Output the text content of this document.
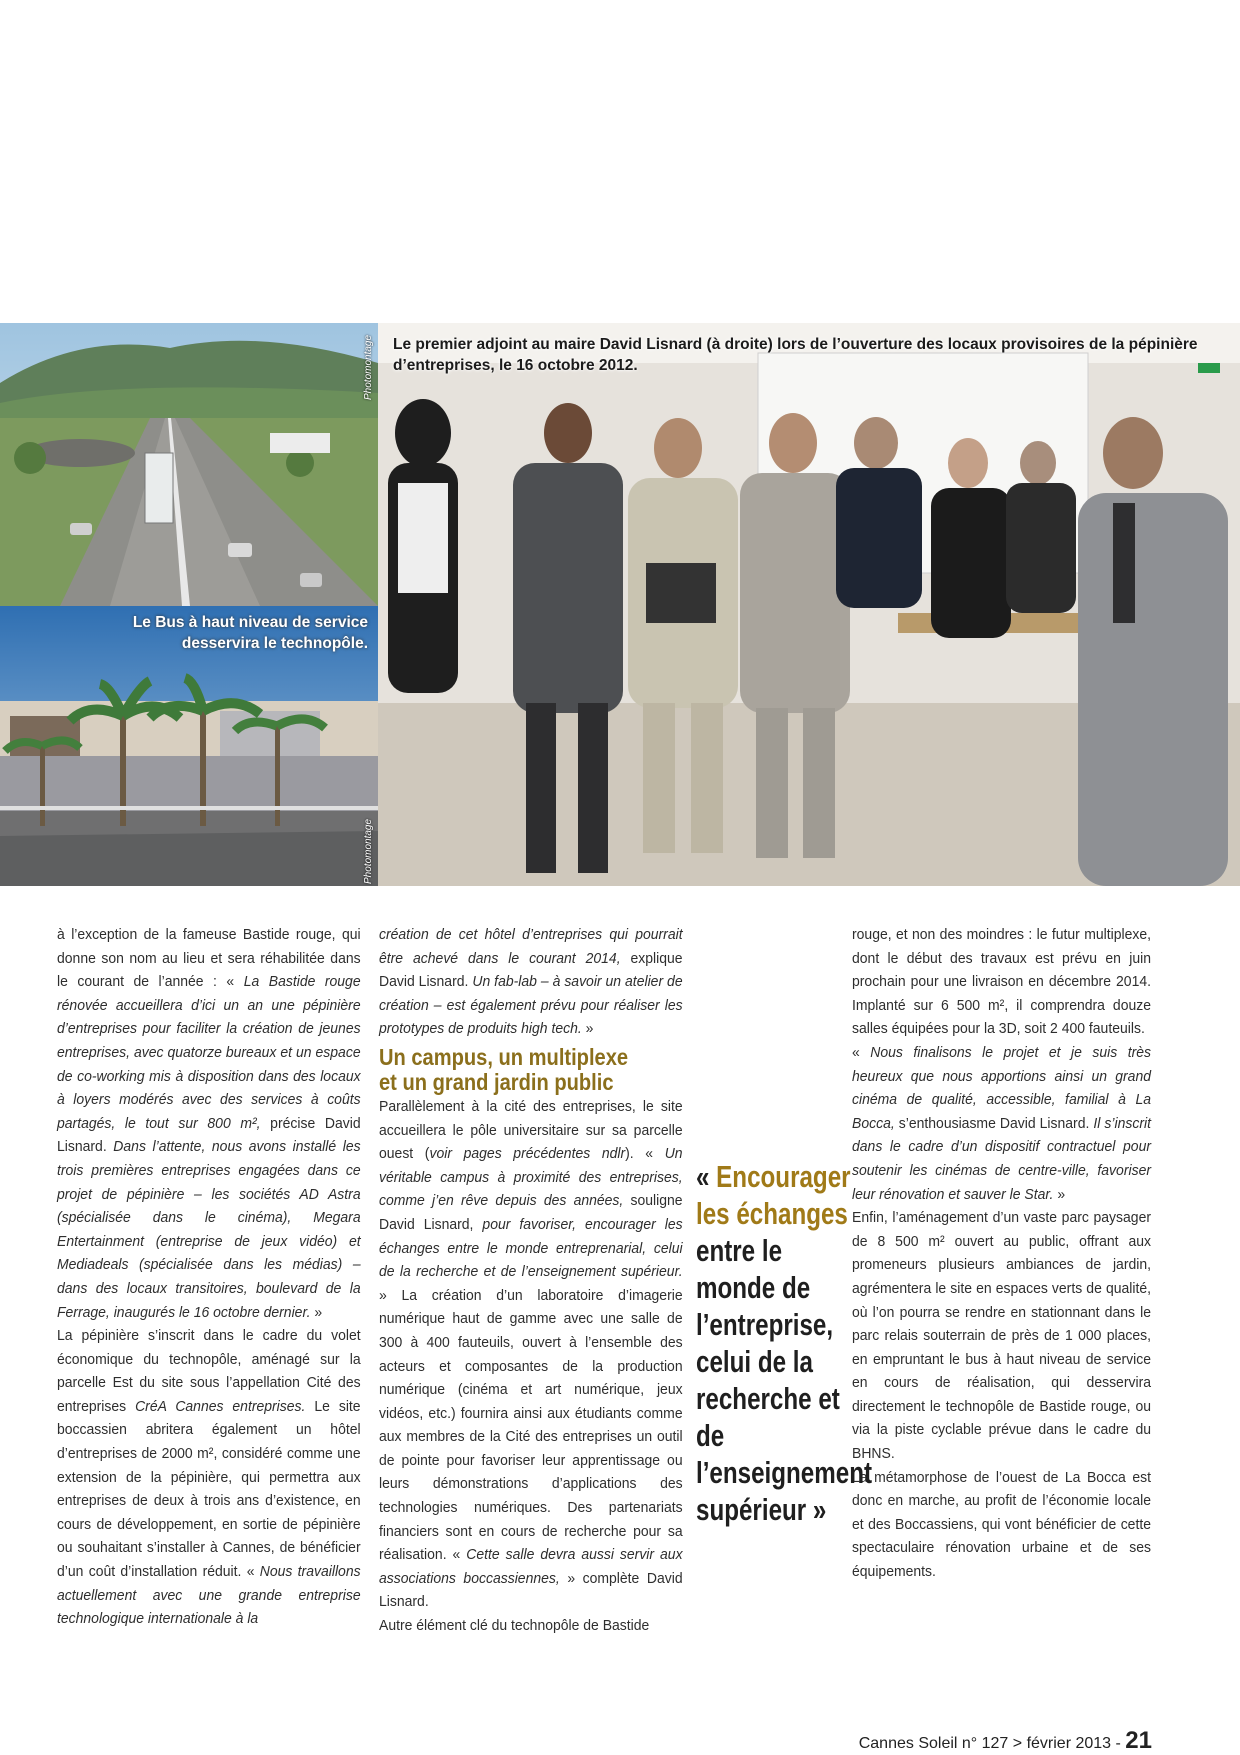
Photomontage
Le Bus à haut niveau de service
desservira le technopôle.
Photomontage
Le premier adjoint au maire David Lisnard (à droite) lors de l’ouverture des locaux provisoires de la pépinière
d’entreprises, le 16 octobre 2012.

à l’exception de la fameuse Bastide rouge, qui donne son nom au lieu et sera réhabilitée dans le courant de l’année : « La Bastide rouge rénovée accueillera d’ici un an une pépinière d’entreprises pour faciliter la création de jeunes entreprises, avec quatorze bureaux et un espace de co-working mis à disposition dans des locaux à loyers modérés avec des services à coûts partagés, le tout sur 800 m², précise David Lisnard. Dans l’attente, nous avons installé les trois premières entreprises engagées dans ce projet de pépinière – les sociétés AD Astra (spécialisée dans le cinéma), Megara Entertainment (entreprise de jeux vidéo) et Mediadeals (spécialisée dans les médias) – dans des locaux transitoires, boulevard de la Ferrage, inaugurés le 16 octobre dernier. »

La pépinière s’inscrit dans le cadre du volet économique du technopôle, aménagé sur la parcelle Est du site sous l’appellation Cité des entreprises CréA Cannes entreprises. Le site boccassien abritera également un hôtel d’entreprises de 2000 m², considéré comme une extension de la pépinière, qui permettra aux entreprises de deux à trois ans d’existence, en cours de développement, en sortie de pépinière ou souhaitant s’installer à Cannes, de bénéficier d’un coût d’installation réduit. « Nous travaillons actuellement avec une grande entreprise technologique internationale à la

création de cet hôtel d’entreprises qui pourrait être achevé dans le courant 2014, explique David Lisnard. Un fab-lab – à savoir un atelier de création – est également prévu pour réaliser les prototypes de produits high tech. »

Un campus, un multiplexe
et un grand jardin public

Parallèlement à la cité des entreprises, le site accueillera le pôle universitaire sur sa parcelle ouest (voir pages précédentes ndlr). « Un véritable campus à proximité des entreprises, comme j’en rêve depuis des années, souligne David Lisnard, pour favoriser, encourager les échanges entre le monde entreprenarial, celui de la recherche et de l’enseignement supérieur. » La création d’un laboratoire d’imagerie numérique haut de gamme avec une salle de 300 à 400 fauteuils, ouvert à l’ensemble des acteurs et composantes de la production numérique (cinéma et art numérique, jeux vidéos, etc.) fournira ainsi aux étudiants comme aux membres de la Cité des entreprises un outil de pointe pour favoriser leur apprentissage ou leurs démonstrations d’applications des technologies numériques. Des partenariats financiers sont en cours de recherche pour sa réalisation. « Cette salle devra aussi servir aux associations boccassiennes, » complète David Lisnard.

Autre élément clé du technopôle de Bastide

rouge, et non des moindres : le futur multiplexe, dont le début des travaux est prévu en juin prochain pour une livraison en décembre 2014. Implanté sur 6 500 m², il comprendra douze salles équipées pour la 3D, soit 2 400 fauteuils.

« Nous finalisons le projet et je suis très heureux que nous apportions ainsi un grand cinéma de qualité, accessible, familial à La Bocca, s’enthousiasme David Lisnard. Il s’inscrit dans le cadre d’un dispositif contractuel pour soutenir les cinémas de centre-ville, favoriser leur rénovation et sauver le Star. »

Enfin, l’aménagement d’un vaste parc paysager de 8 500 m² ouvert au public, offrant aux promeneurs plusieurs ambiances de jardin, agrémentera le site en espaces verts de qualité, où l’on pourra se rendre en stationnant dans le parc relais souterrain de près de 1 000 places, en empruntant le bus à haut niveau de service en cours de réalisation, qui desservira directement le technopôle de Bastide rouge, ou via la piste cyclable prévue dans le cadre du BHNS.

La métamorphose de l’ouest de La Bocca est donc en marche, au profit de l’économie locale et des Boccassiens, qui vont bénéficier de cette spectaculaire rénovation urbaine et de ses équipements.

« Encourager les échanges entre le monde de l’entreprise, celui de la recherche et de l’enseignement supérieur »
Cannes Soleil n° 127 > février 2013 - 21
